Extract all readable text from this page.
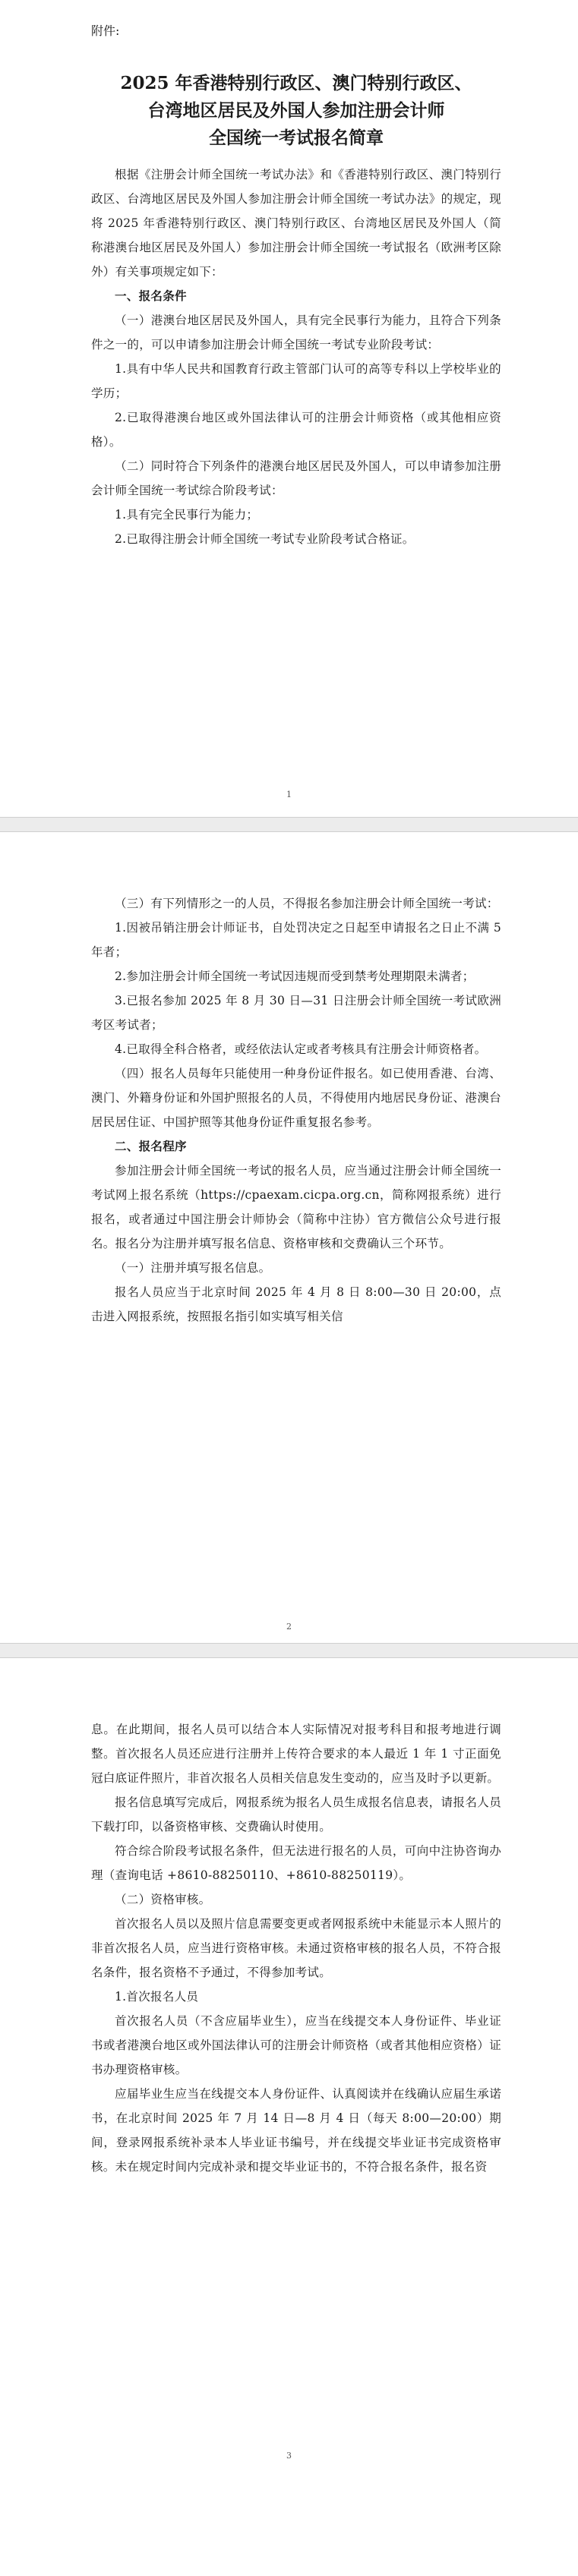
附件:
2025 年香港特别行政区、澳门特别行政区、
台湾地区居民及外国人参加注册会计师
全国统一考试报名简章

根据《注册会计师全国统一考试办法》和《香港特别行政区、澳门特别行政区、台湾地区居民及外国人参加注册会计师全国统一考试办法》的规定，现将 2025 年香港特别行政区、澳门特别行政区、台湾地区居民及外国人（简称港澳台地区居民及外国人）参加注册会计师全国统一考试报名（欧洲考区除外）有关事项规定如下：

一、报名条件

（一）港澳台地区居民及外国人，具有完全民事行为能力，且符合下列条件之一的，可以申请参加注册会计师全国统一考试专业阶段考试：

1.具有中华人民共和国教育行政主管部门认可的高等专科以上学校毕业的学历；

2.已取得港澳台地区或外国法律认可的注册会计师资格（或其他相应资格）。

（二）同时符合下列条件的港澳台地区居民及外国人，可以申请参加注册会计师全国统一考试综合阶段考试：

1.具有完全民事行为能力；

2.已取得注册会计师全国统一考试专业阶段考试合格证。

1

（三）有下列情形之一的人员，不得报名参加注册会计师全国统一考试：

1.因被吊销注册会计师证书，自处罚决定之日起至申请报名之日止不满 5 年者；

2.参加注册会计师全国统一考试因违规而受到禁考处理期限未满者；

3.已报名参加 2025 年 8 月 30 日—31 日注册会计师全国统一考试欧洲考区考试者；

4.已取得全科合格者，或经依法认定或者考核具有注册会计师资格者。

（四）报名人员每年只能使用一种身份证件报名。如已使用香港、台湾、澳门、外籍身份证和外国护照报名的人员，不得使用内地居民身份证、港澳台居民居住证、中国护照等其他身份证件重复报名参考。

二、报名程序

参加注册会计师全国统一考试的报名人员，应当通过注册会计师全国统一考试网上报名系统（https://cpaexam.cicpa.org.cn，简称网报系统）进行报名，或者通过中国注册会计师协会（简称中注协）官方微信公众号进行报名。报名分为注册并填写报名信息、资格审核和交费确认三个环节。

（一）注册并填写报名信息。

报名人员应当于北京时间 2025 年 4 月 8 日 8:00—30 日 20:00，点击进入网报系统，按照报名指引如实填写相关信

2

息。在此期间，报名人员可以结合本人实际情况对报考科目和报考地进行调整。首次报名人员还应进行注册并上传符合要求的本人最近 1 年 1 寸正面免冠白底证件照片，非首次报名人员相关信息发生变动的，应当及时予以更新。

报名信息填写完成后，网报系统为报名人员生成报名信息表，请报名人员下载打印，以备资格审核、交费确认时使用。

符合综合阶段考试报名条件，但无法进行报名的人员，可向中注协咨询办理（查询电话 +8610-88250110、+8610-88250119）。

（二）资格审核。

首次报名人员以及照片信息需要变更或者网报系统中未能显示本人照片的非首次报名人员，应当进行资格审核。未通过资格审核的报名人员，不符合报名条件，报名资格不予通过，不得参加考试。

1.首次报名人员

首次报名人员（不含应届毕业生），应当在线提交本人身份证件、毕业证书或者港澳台地区或外国法律认可的注册会计师资格（或者其他相应资格）证书办理资格审核。

应届毕业生应当在线提交本人身份证件、认真阅读并在线确认应届生承诺书，在北京时间 2025 年 7 月 14 日—8 月 4 日（每天 8:00—20:00）期间，登录网报系统补录本人毕业证书编号，并在线提交毕业证书完成资格审核。未在规定时间内完成补录和提交毕业证书的，不符合报名条件，报名资

3
